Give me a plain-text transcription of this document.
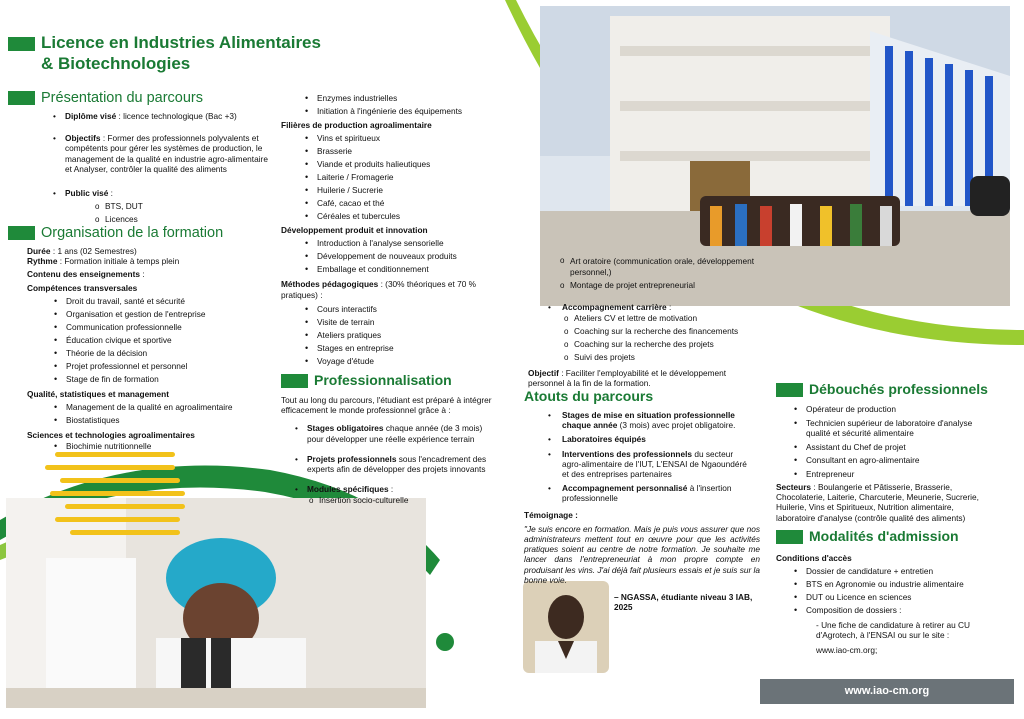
Licence en Industries Alimentaires
& Biotechnologies
Présentation du parcours
• Diplôme visé : licence technologique (Bac +3)
• Objectifs : Former des professionnels polyvalents et compétents pour gérer les systèmes de production, le management de la qualité en industrie agro-alimentaire et Analyser, contrôler la qualité des aliments
• Public visé :
o BTS, DUT
o Licences
Organisation de la formation
Durée : 1 ans (02 Semestres)
Rythme : Formation initiale à temps plein
Contenu des enseignements :
Compétences transversales
• Droit du travail, santé et sécurité
• Organisation et gestion de l'entreprise
• Communication professionnelle
• Éducation civique et sportive
• Théorie de la décision
• Projet professionnel et personnel
• Stage de fin de formation
Qualité, statistiques et management
• Management de la qualité en agroalimentaire
• Biostatistiques
Sciences et technologies agroalimentaires
• Biochimie nutritionnelle
• Enzymes industrielles
• Initiation à l'ingénierie des équipements
Filières de production agroalimentaire
• Vins et spiritueux
• Brasserie
• Viande et produits halieutiques
• Laiterie / Fromagerie
• Huilerie / Sucrerie
• Café, cacao et thé
• Céréales et tubercules
Développement produit et innovation
• Introduction à l'analyse sensorielle
• Développement de nouveaux produits
• Emballage et conditionnement
Méthodes pédagogiques : (30% théoriques et 70 % pratiques) :
• Cours interactifs
• Visite de terrain
• Ateliers pratiques
• Stages en entreprise
• Voyage d'étude
Professionnalisation
Tout au long du parcours, l'étudiant est préparé à intégrer efficacement le monde professionnel grâce à :
• Stages obligatoires chaque année (de 3 mois) pour développer une réelle expérience terrain
• Projets professionnels sous l'encadrement des experts afin de développer des projets innovants
• Modules spécifiques :
o Insertion socio-culturelle
o Art oratoire (communication orale, développement personnel,)
o Montage de projet entrepreneurial
• Accompagnement carrière :
o Ateliers CV et lettre de motivation
o Coaching sur la recherche des financements
o Coaching sur la recherche des projets
o Suivi des projets
Objectif : Faciliter l'employabilité et le développement personnel à la fin de la formation.
Atouts du parcours
• Stages de mise en situation professionnelle chaque année (3 mois) avec projet obligatoire.
• Laboratoires équipés
• Interventions des professionnels du secteur agro-alimentaire de l'IUT, L'ENSAI de Ngaoundéré et des entreprises partenaires
• Accompagnement personnalisé à l'insertion professionnelle
Témoignage :
"Je suis encore en formation. Mais je puis vous assurer que nos administrateurs mettent tout en œuvre pour que les activités pratiques soient au centre de notre formation. Je souhaite me lancer dans l'entrepreneuriat à mon propre compte en produisant les vins. J'ai déjà fait plusieurs essais et je suis sur la bonne voie.
– NGASSA, étudiante niveau 3 IAB, 2025
Débouchés professionnels
• Opérateur de production
• Technicien supérieur de laboratoire d'analyse qualité et sécurité alimentaire
• Assistant du Chef de projet
• Consultant en agro-alimentaire
• Entrepreneur
Secteurs : Boulangerie et Pâtisserie, Brasserie, Chocolaterie, Laiterie, Charcuterie, Meunerie, Sucrerie, Huilerie, Vins et Spiritueux, Nutrition alimentaire, laboratoire d'analyse (contrôle qualité des aliments)
Modalités d'admission
Conditions d'accès
• Dossier de candidature + entretien
• BTS en Agronomie ou industrie alimentaire
• DUT ou Licence en sciences
• Composition de dossiers :
- Une fiche de candidature à retirer au CU d'Agrotech, à l'ENSAI ou sur le site :
www.iao-cm.org;
www.iao-cm.org
